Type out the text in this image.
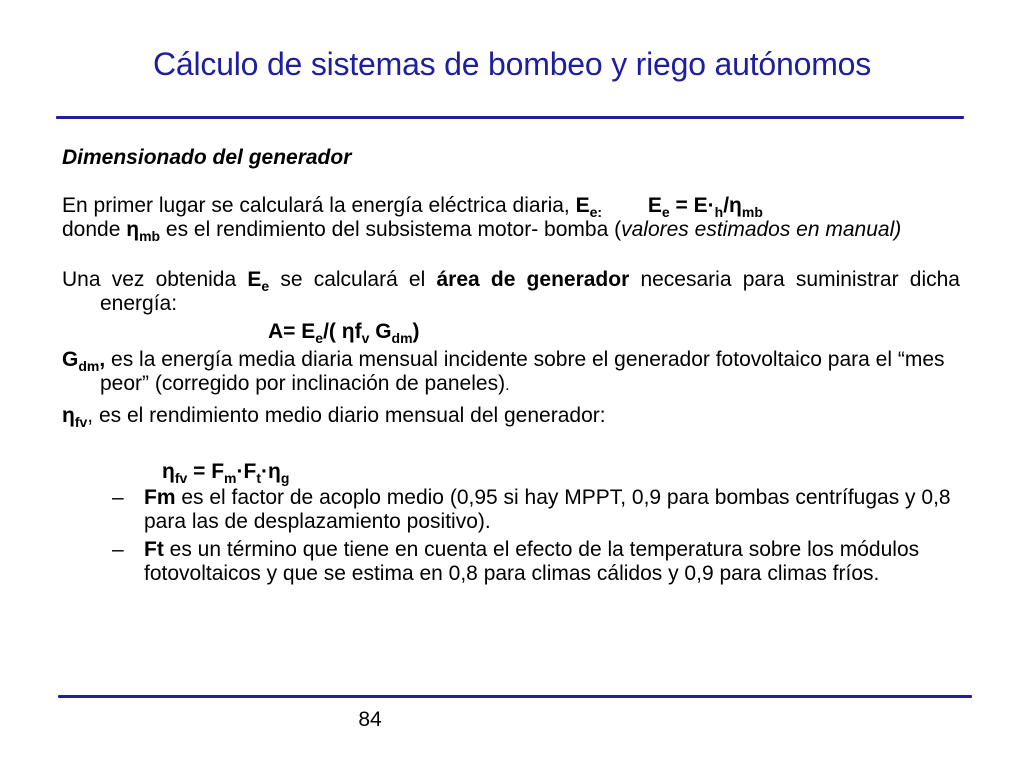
Cálculo de sistemas de bombeo y riego autónomos

Dimensionado del generador

En primer lugar se calculará la energía eléctrica diaria, $E_{e:}$ $E_e = E\cdot_h/\eta_{mb}$

donde $\eta_{mb}$ es el rendimiento del subsistema motor- bomba (valores estimados en manual)

Una vez obtenida $E_e$ se calculará el área de generador necesaria para suministrar dicha energía:

$A= E_e/$( $\eta f_v$ $G_{dm}$)

$G_{dm}$, es la energía media diaria mensual incidente sobre el generador fotovoltaico para el “mes peor” (corregido por inclinación de paneles).

$\eta_{fv}$, es el rendimiento medio diario mensual del generador:

$\eta_{fv} = F_m\cdot F_t\cdot\eta_g$

– Fm es el factor de acoplo medio (0,95 si hay MPPT, 0,9 para bombas centrífugas y 0,8 para las de desplazamiento positivo).

– Ft es un término que tiene en cuenta el efecto de la temperatura sobre los módulos fotovoltaicos y que se estima en 0,8 para climas cálidos y 0,9 para climas fríos.

84
